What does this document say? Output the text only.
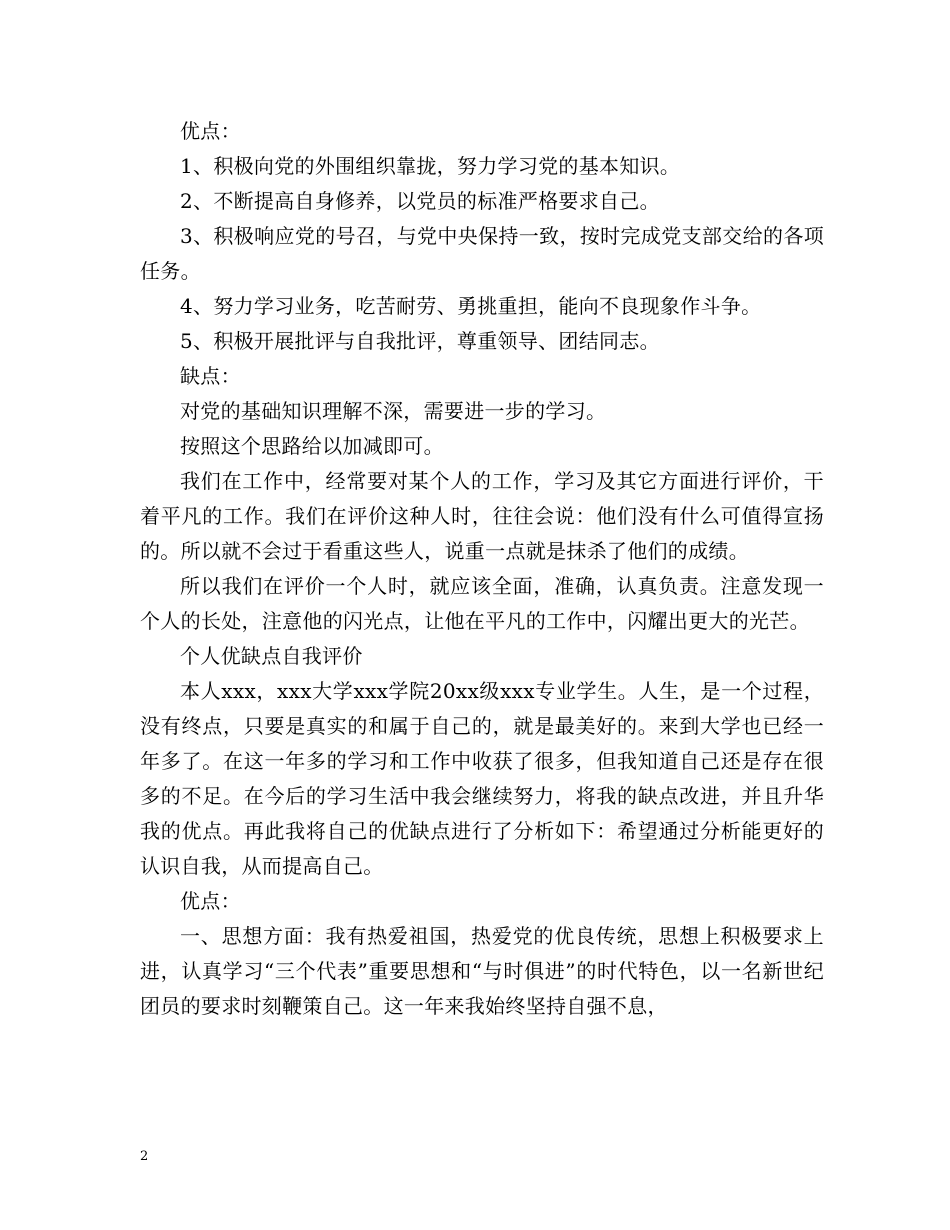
优点：

1、积极向党的外围组织靠拢，努力学习党的基本知识。

2、不断提高自身修养，以党员的标准严格要求自己。

3、积极响应党的号召，与党中央保持一致，按时完成党支部交给的各项任务。

4、努力学习业务，吃苦耐劳、勇挑重担，能向不良现象作斗争。

5、积极开展批评与自我批评，尊重领导、团结同志。

缺点：

对党的基础知识理解不深，需要进一步的学习。

按照这个思路给以加减即可。

我们在工作中，经常要对某个人的工作，学习及其它方面进行评价，干着平凡的工作。我们在评价这种人时，往往会说：他们没有什么可值得宣扬的。所以就不会过于看重这些人，说重一点就是抹杀了他们的成绩。

所以我们在评价一个人时，就应该全面，准确，认真负责。注意发现一个人的长处，注意他的闪光点，让他在平凡的工作中，闪耀出更大的光芒。

个人优缺点自我评价

本人xxx，xxx大学xxx学院20xx级xxx专业学生。人生，是一个过程，没有终点，只要是真实的和属于自己的，就是最美好的。来到大学也已经一年多了。在这一年多的学习和工作中收获了很多，但我知道自己还是存在很多的不足。在今后的学习生活中我会继续努力，将我的缺点改进，并且升华我的优点。再此我将自己的优缺点进行了分析如下：希望通过分析能更好的认识自我，从而提高自己。

优点：

一、思想方面：我有热爱祖国，热爱党的优良传统，思想上积极要求上进，认真学习“三个代表”重要思想和“与时俱进”的时代特色，以一名新世纪团员的要求时刻鞭策自己。这一年来我始终坚持自强不息，

2
